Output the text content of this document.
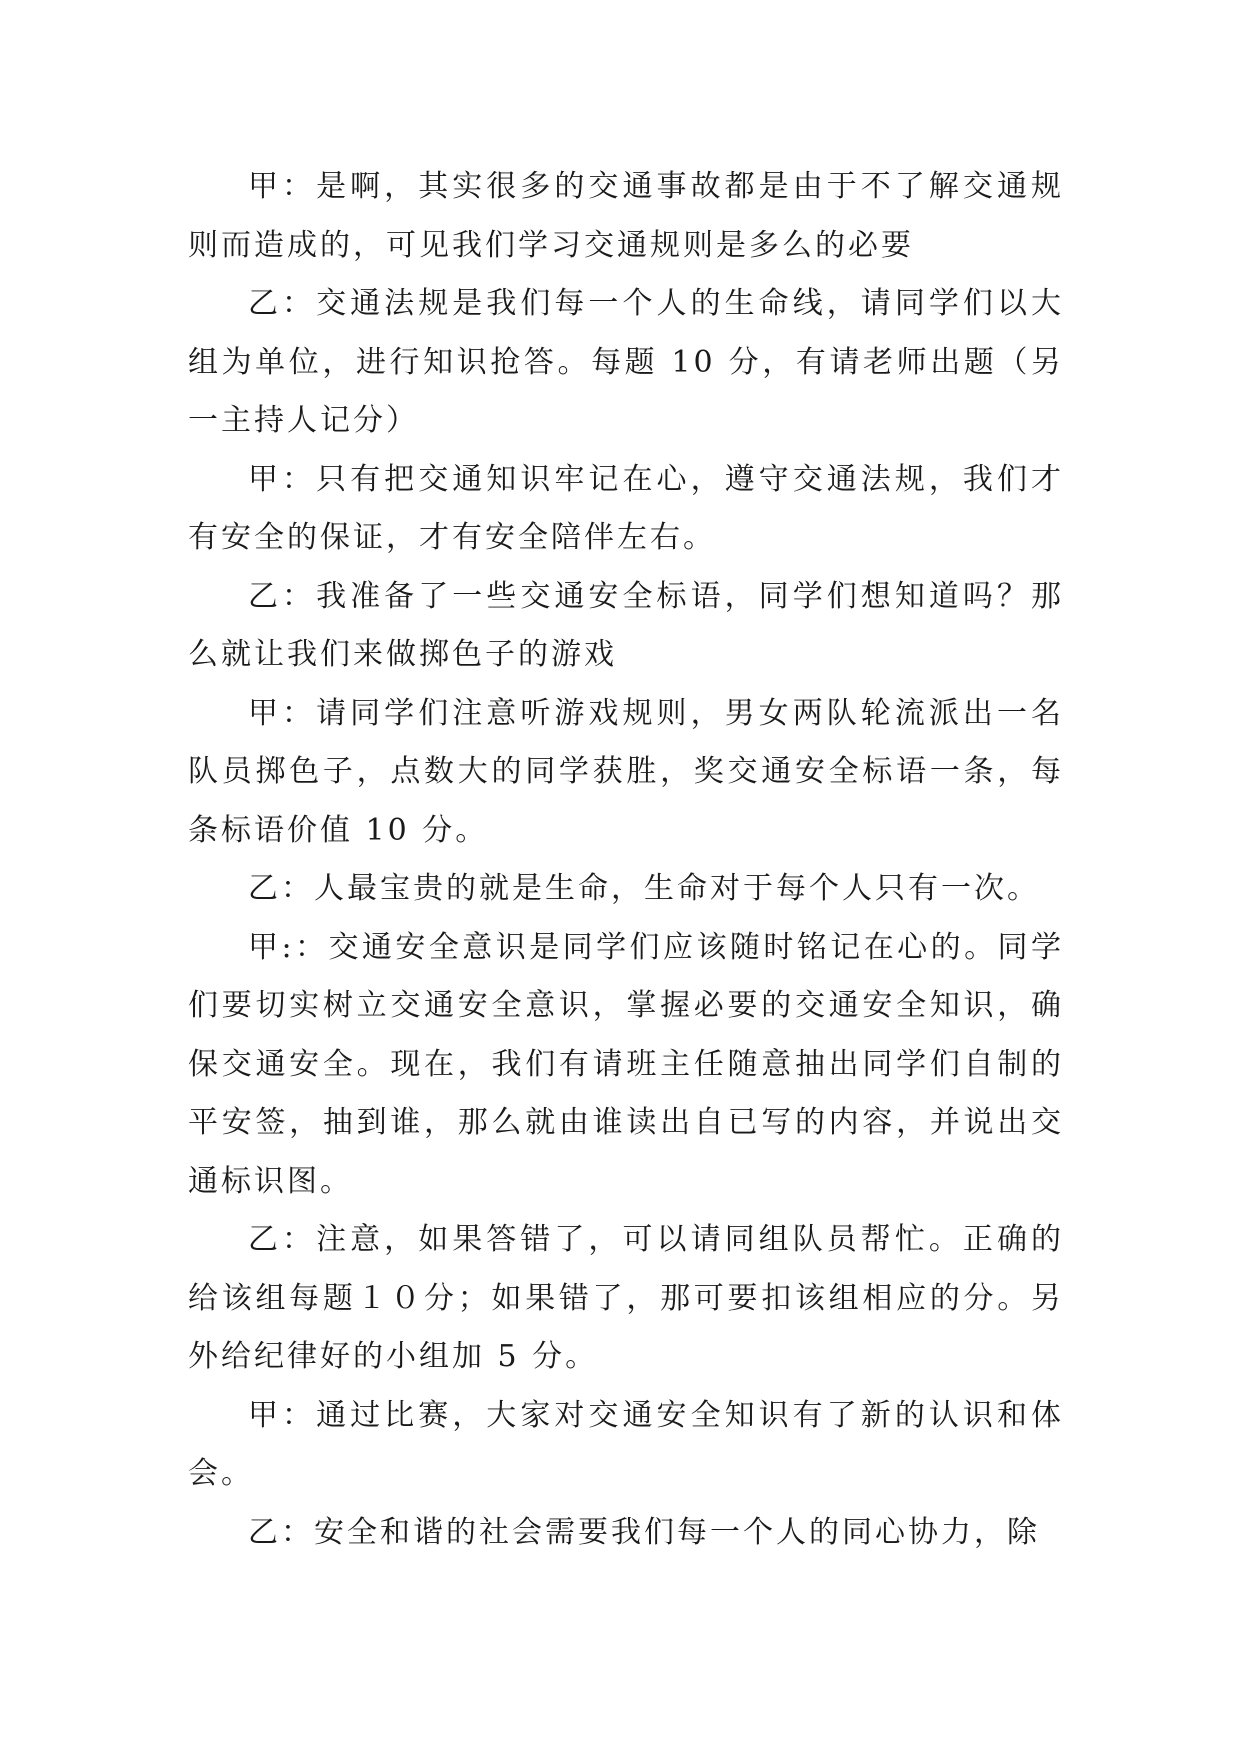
甲：是啊，其实很多的交通事故都是由于不了解交通规则而造成的，可见我们学习交通规则是多么的必要

乙：交通法规是我们每一个人的生命线，请同学们以大组为单位，进行知识抢答。每题 10 分，有请老师出题（另一主持人记分）

甲：只有把交通知识牢记在心，遵守交通法规，我们才有安全的保证，才有安全陪伴左右。

乙：我准备了一些交通安全标语，同学们想知道吗？那么就让我们来做掷色子的游戏

甲：请同学们注意听游戏规则，男女两队轮流派出一名队员掷色子，点数大的同学获胜，奖交通安全标语一条，每条标语价值 10 分。

乙：人最宝贵的就是生命，生命对于每个人只有一次。

甲:：交通安全意识是同学们应该随时铭记在心的。同学们要切实树立交通安全意识，掌握必要的交通安全知识，确保交通安全。现在，我们有请班主任随意抽出同学们自制的平安签，抽到谁，那么就由谁读出自已写的内容，并说出交通标识图。

乙：注意，如果答错了，可以请同组队员帮忙。正确的给该组每题１０分；如果错了，那可要扣该组相应的分。另外给纪律好的小组加 5 分。

甲：通过比赛，大家对交通安全知识有了新的认识和体会。

乙：安全和谐的社会需要我们每一个人的同心协力，除
